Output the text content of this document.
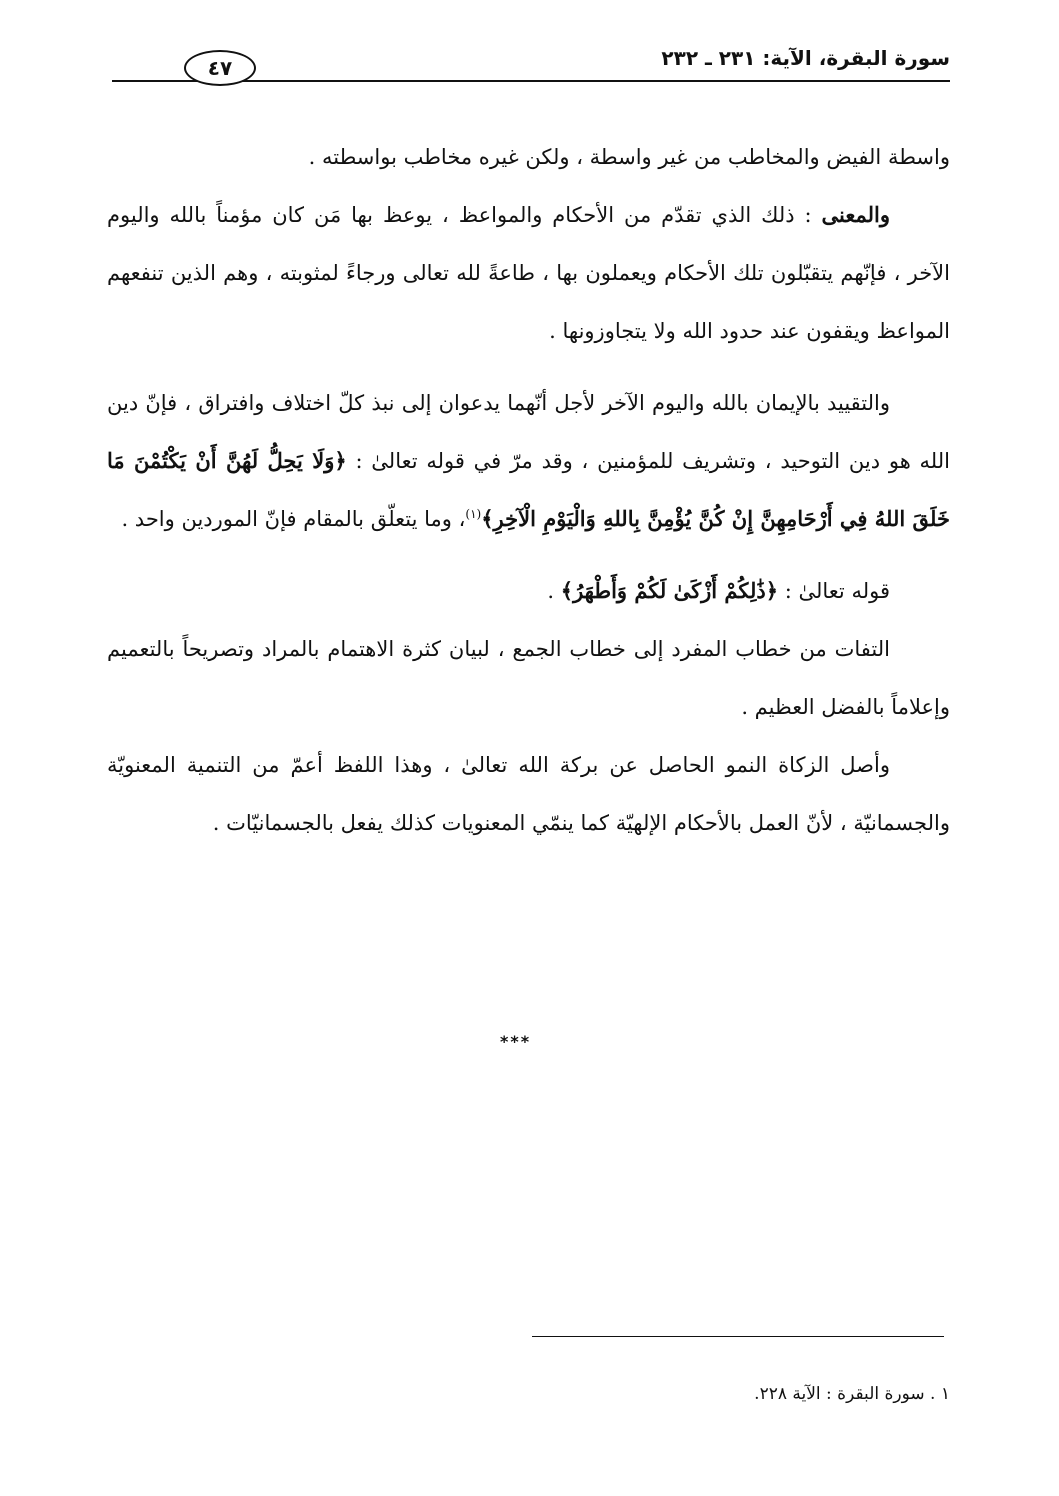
سورة البقرة، الآية: ٢٣١ ـ ٢٣٢
٤٧

واسطة الفيض والمخاطب من غير واسطة ، ولكن غيره مخاطب بواسطته .

والمعنى : ذلك الذي تقدّم من الأحكام والمواعظ ، يوعظ بها مَن كان مؤمناً بالله واليوم الآخر ، فإنّهم يتقبّلون تلك الأحكام ويعملون بها ، طاعةً لله تعالى ورجاءً لمثوبته ، وهم الذين تنفعهم المواعظ ويقفون عند حدود الله ولا يتجاوزونها .

والتقييد بالإيمان بالله واليوم الآخر لأجل أنّهما يدعوان إلى نبذ كلّ اختلاف وافتراق ، فإنّ دين الله هو دين التوحيد ، وتشريف للمؤمنين ، وقد مرّ في قوله تعالىٰ : ﴿وَلَا يَحِلُّ لَهُنَّ أَنْ يَكْتُمْنَ مَا خَلَقَ اللهُ فِي أَرْحَامِهِنَّ إِنْ كُنَّ يُؤْمِنَّ بِاللهِ وَالْيَوْمِ الْآخِرِ﴾$^{(١)}$، وما يتعلّق بالمقام فإنّ الموردين واحد .

قوله تعالىٰ : ﴿ذَٰلِكُمْ أَزْكَىٰ لَكُمْ وَأَطْهَرُ﴾ .

التفات من خطاب المفرد إلى خطاب الجمع ، لبيان كثرة الاهتمام بالمراد وتصريحاً بالتعميم وإعلاماً بالفضل العظيم .

وأصل الزكاة النمو الحاصل عن بركة الله تعالىٰ ، وهذا اللفظ أعمّ من التنمية المعنويّة والجسمانيّة ، لأنّ العمل بالأحكام الإلهيّة كما ينمّي المعنويات كذلك يفعل بالجسمانيّات .

***
١ . سورة البقرة : الآية ٢٢٨.
